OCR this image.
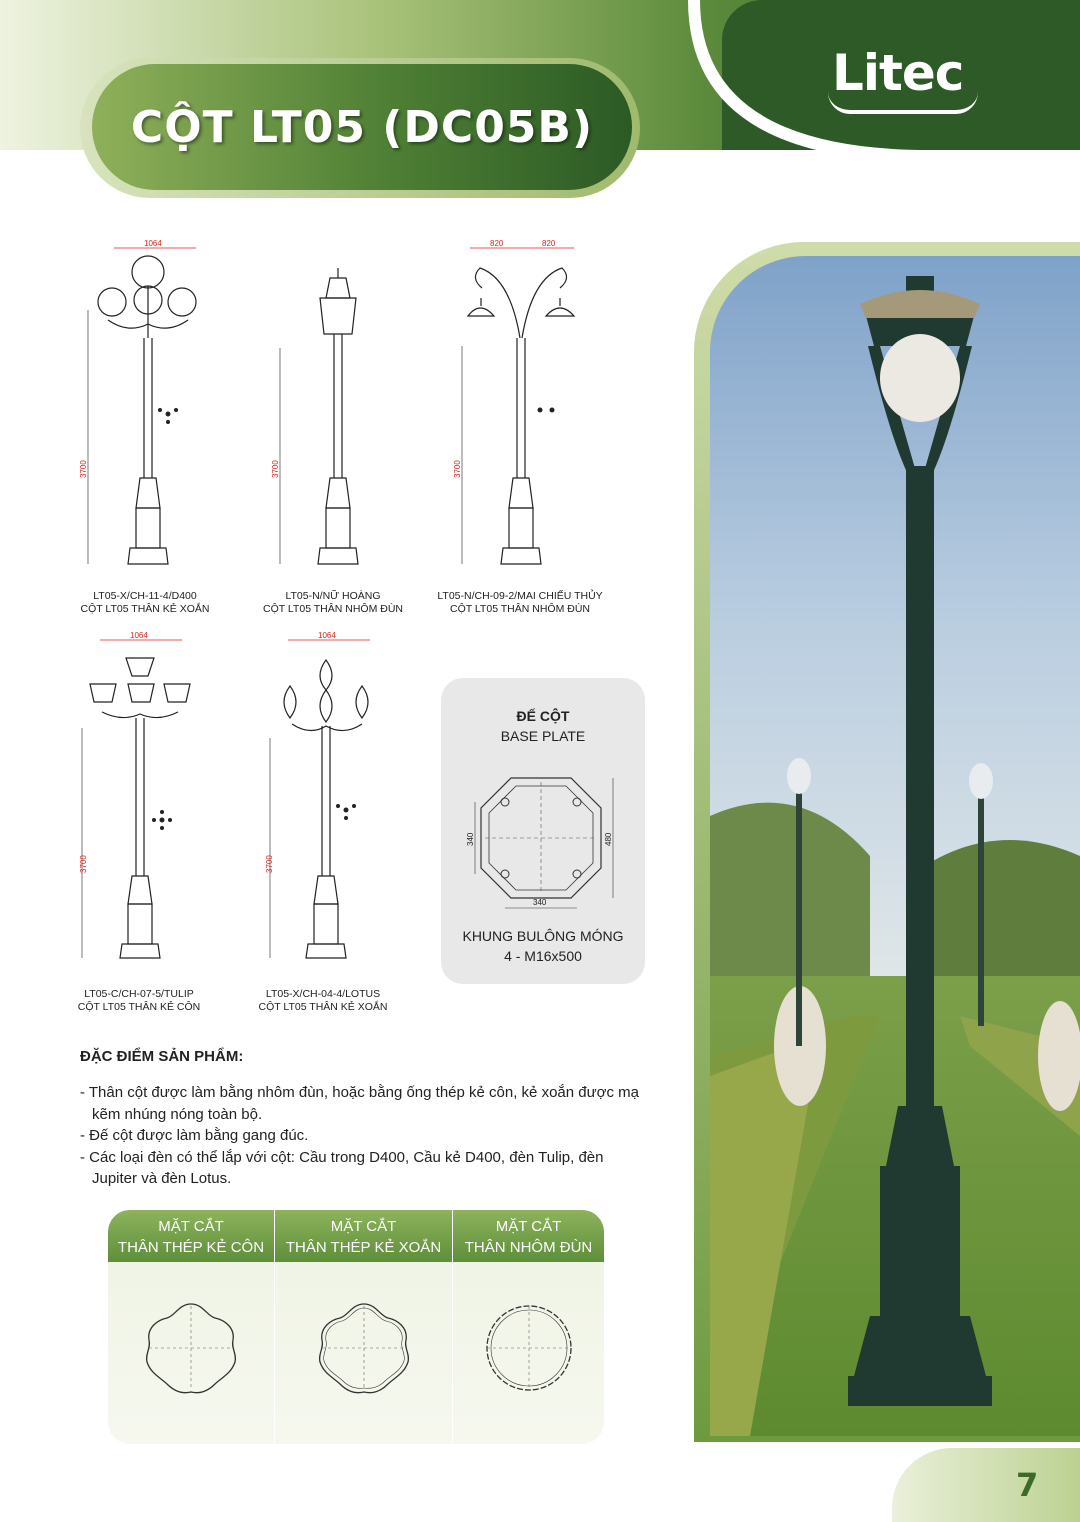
CỘT LT05 (DC05B)
Litec
1064
3700
LT05-X/CH-11-4/D400
CỘT LT05 THÂN KẺ XOẮN
3700
LT05-N/NỮ HOÀNG
CỘT LT05 THÂN NHÔM ĐÙN
820	820
3700
LT05-N/CH-09-2/MAI CHIẾU THỦY
CỘT LT05 THÂN NHÔM ĐÙN
1064
3700
LT05-C/CH-07-5/TULIP
CỘT LT05 THÂN KẺ CÔN
1064
3700
LT05-X/CH-04-4/LOTUS
CỘT LT05 THÂN KẺ XOẮN
ĐẾ CỘT
BASE PLATE
340	480
340
KHUNG BULÔNG MÓNG
4 - M16x500
ĐẶC ĐIỂM SẢN PHẨM:
- Thân cột được làm bằng nhôm đùn, hoặc bằng ống thép kẻ côn, kẻ xoắn được mạ kẽm nhúng nóng toàn bộ.
- Đế cột được làm bằng gang đúc.
- Các loại đèn có thể lắp với cột: Cầu trong D400, Cầu kẻ D400, đèn Tulip, đèn Jupiter và đèn Lotus.
MẶT CẮT
THÂN THÉP KẺ CÔN
MẶT CẮT
THÂN THÉP KẺ XOẮN
MẶT CẮT
THÂN NHÔM ĐÙN
7
